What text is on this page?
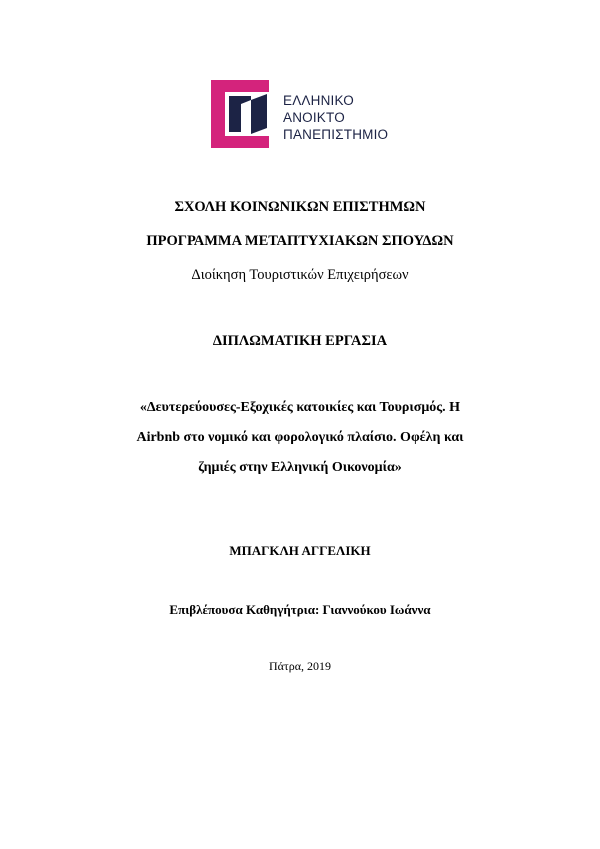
ΕΛΛΗΝΙΚΟ
ΑΝΟΙΚΤΟ
ΠΑΝΕΠΙΣΤΗΜΙΟ
ΣΧΟΛΗ ΚΟΙΝΩΝΙΚΩΝ ΕΠΙΣΤΗΜΩΝ
ΠΡΟΓΡΑΜΜΑ ΜΕΤΑΠΤΥΧΙΑΚΩΝ ΣΠΟΥΔΩΝ
Διοίκηση Τουριστικών Επιχειρήσεων
ΔΙΠΛΩΜΑΤΙΚΗ ΕΡΓΑΣΙΑ
«Δευτερεύουσες-Εξοχικές κατοικίες και Τουρισμός. Η
Airbnb στο νομικό και φορολογικό πλαίσιο. Οφέλη και
ζημιές στην Ελληνική Οικονομία»
ΜΠΑΓΚΛΗ ΑΓΓΕΛΙΚΗ
Επιβλέπουσα Καθηγήτρια: Γιαννούκου Ιωάννα
Πάτρα, 2019
